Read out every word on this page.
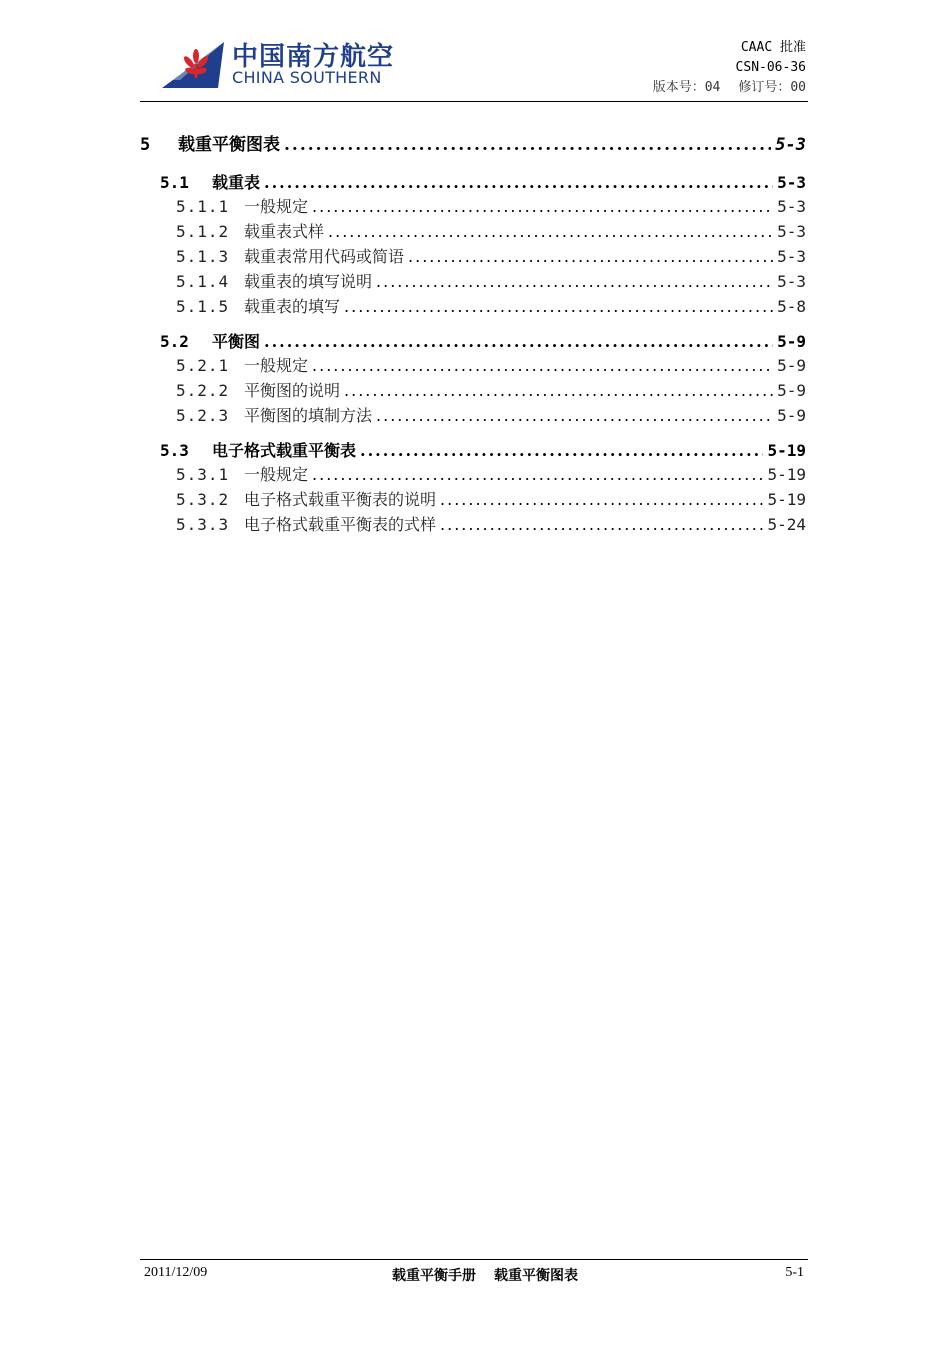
中国南方航空
CHINA SOUTHERN
CAAC 批准
CSN-06-36
版本号：04 修订号：00
5	载重平衡图表 .....	5-3
5.1	载重表 .....	5-3
5.1.1 一般规定 .....	5-3
5.1.2 载重表式样 .....	5-3
5.1.3 载重表常用代码或简语 .....	5-3
5.1.4 载重表的填写说明 .....	5-3
5.1.5 载重表的填写 .....	5-8
5.2	平衡图 .....	5-9
5.2.1 一般规定 .....	5-9
5.2.2 平衡图的说明 .....	5-9
5.2.3 平衡图的填制方法 .....	5-9
5.3	电子格式载重平衡表 .....	5-19
5.3.1 一般规定 .....	5-19
5.3.2 电子格式载重平衡表的说明 .....	5-19
5.3.3 电子格式载重平衡表的式样 .....	5-24
2011/12/09	载重平衡手册 载重平衡图表	5-1
